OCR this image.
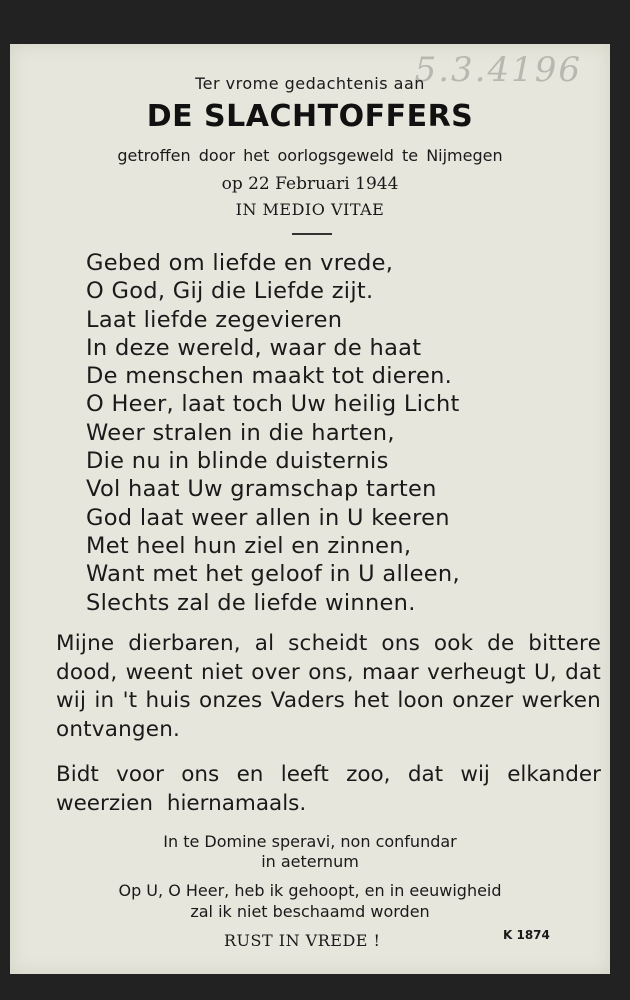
5.3.4196
Ter vrome gedachtenis aan
DE SLACHTOFFERS
getroffen door het oorlogsgeweld te Nijmegen
op 22 Februari 1944
IN MEDIO VITAE
Gebed om liefde en vrede,
O God, Gij die Liefde zijt.
Laat liefde zegevieren
In deze wereld, waar de haat
De menschen maakt tot dieren.
O Heer, laat toch Uw heilig Licht
Weer stralen in die harten,
Die nu in blinde duisternis
Vol haat Uw gramschap tarten
God laat weer allen in U keeren
Met heel hun ziel en zinnen,
Want met het geloof in U alleen,
Slechts zal de liefde winnen.
Mijne dierbaren, al scheidt ons ook de bittere dood, weent niet over ons, maar verheugt U, dat wij in 't huis onzes Vaders het loon onzer werken ontvangen.
Bidt voor ons en leeft zoo, dat wij elkander weerzien hiernamaals.
In te Domine speravi, non confundar
in aeternum
Op U, O Heer, heb ik gehoopt, en in eeuwigheid
zal ik niet beschaamd worden
RUST IN VREDE !	K 1874
